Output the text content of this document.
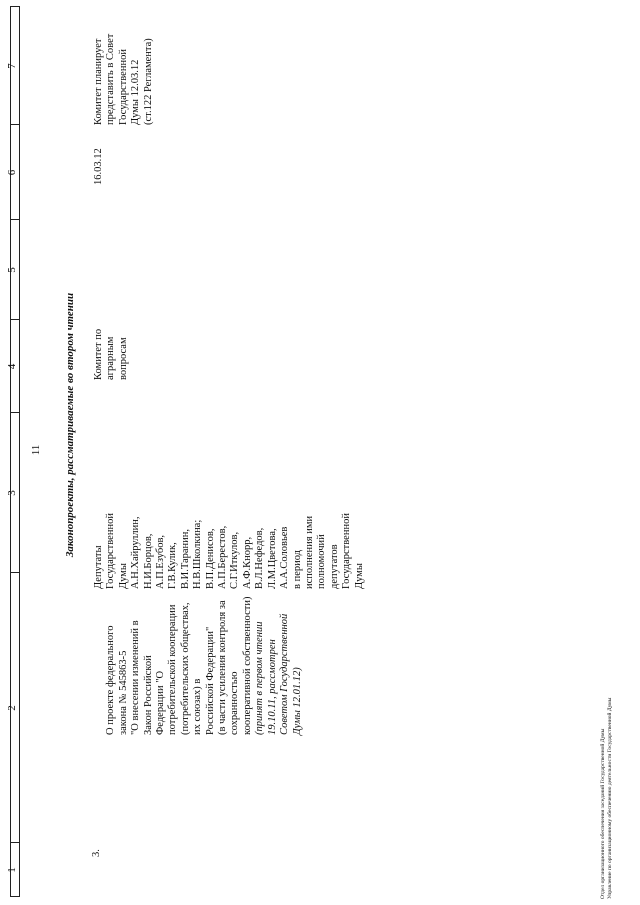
11
1
2
3
4
5
6
7
Законопроекты, рассматриваемые во втором чтении
3.

О проекте федерального закона № 545863-5
"О внесении изменений в Закон Российской
Федерации "О потребительской кооперации
(потребительских обществах, их союзах) в
Российской Федерации"
(в части усиления контроля за сохранностью
кооперативной собственности)
(принят в первом чтении 19.10.11, рассмотрен
Советом Государственной Думы 12.01.12)

Депутаты
Государственной
Думы
А.Н.Хайруллин,
Н.И.Борцов,
А.П.Езубов,
Г.В.Кулик,
В.И.Таранин,
Н.В.Школкина;
В.П.Денисов,
А.П.Берестов,
С.Г.Иткулов,
А.Ф.Кнорр,
В.Л.Нефедов,
Л.М.Цветова,
А.А.Соловьев
в период
исполнения ими
полномочий
депутатов
Государственной
Думы
Комитет по
аграрным
вопросам
16.03.12
Комитет планирует
представить в Совет
Государственной
Думы 12.03.12
(ст.122 Регламента)
Отдел организационного обеспечения заседаний Государственной Думы
Управление по организационному обеспечению деятельности Государственной Думы
